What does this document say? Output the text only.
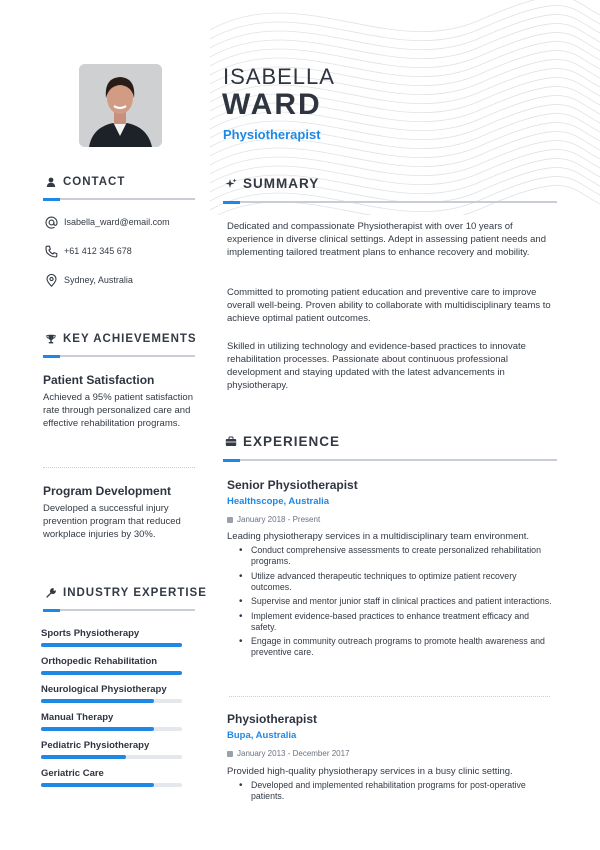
ISABELLA
WARD
Physiotherapist
CONTACT
Isabella_ward@email.com
+61 412 345 678
Sydney, Australia
KEY ACHIEVEMENTS
Patient Satisfaction
Achieved a 95% patient satisfaction rate through personalized care and effective rehabilitation programs.
Program Development
Developed a successful injury prevention program that reduced workplace injuries by 30%.
INDUSTRY EXPERTISE
Sports Physiotherapy
Orthopedic Rehabilitation
Neurological Physiotherapy
Manual Therapy
Pediatric Physiotherapy
Geriatric Care
SUMMARY
Dedicated and compassionate Physiotherapist with over 10 years of experience in diverse clinical settings. Adept in assessing patient needs and implementing tailored treatment plans to enhance recovery and mobility.
Committed to promoting patient education and preventive care to improve overall well-being. Proven ability to collaborate with multidisciplinary teams to achieve optimal patient outcomes.
Skilled in utilizing technology and evidence-based practices to innovate rehabilitation processes. Passionate about continuous professional development and staying updated with the latest advancements in physiotherapy.
EXPERIENCE
Senior Physiotherapist
Healthscope, Australia
January 2018 - Present
Leading physiotherapy services in a multidisciplinary team environment.
• Conduct comprehensive assessments to create personalized rehabilitation programs.
• Utilize advanced therapeutic techniques to optimize patient recovery outcomes.
• Supervise and mentor junior staff in clinical practices and patient interactions.
• Implement evidence-based practices to enhance treatment efficacy and safety.
• Engage in community outreach programs to promote health awareness and preventive care.
Physiotherapist
Bupa, Australia
January 2013 - December 2017
Provided high-quality physiotherapy services in a busy clinic setting.
• Developed and implemented rehabilitation programs for post-operative patients.
